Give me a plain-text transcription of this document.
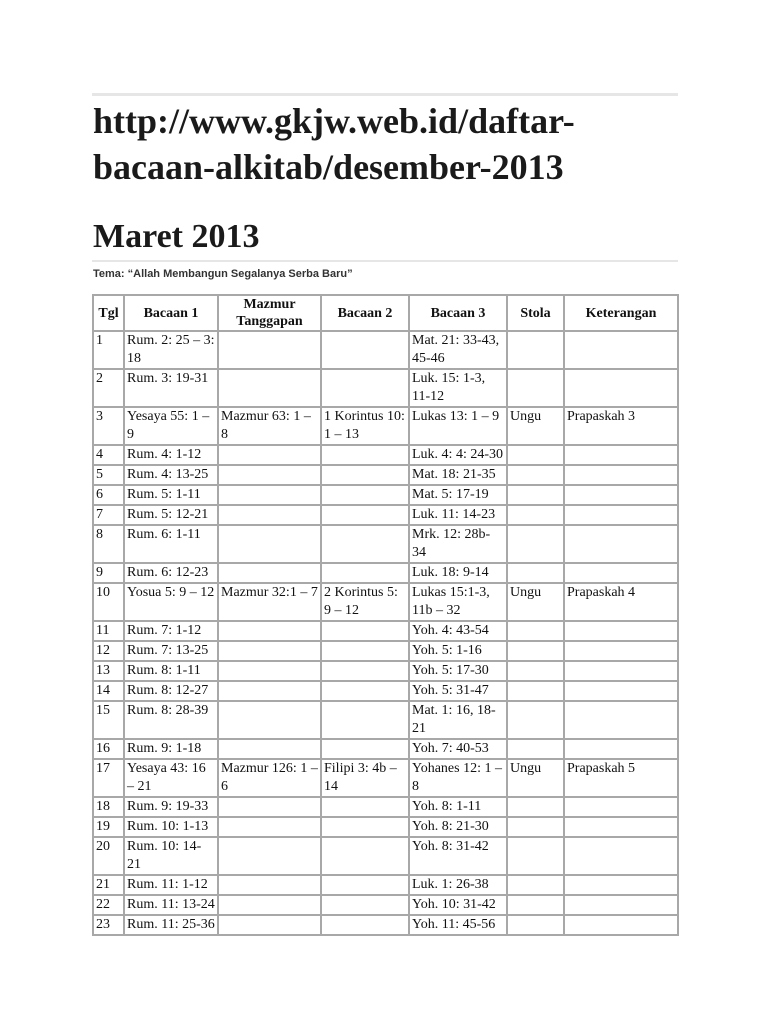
http://www.gkjw.web.id/daftar-bacaan-alkitab/desember-2013
Maret 2013
Tema: “Allah Membangun Segalanya Serba Baru”
Tgl	Bacaan 1	Mazmur Tanggapan	Bacaan 2	Bacaan 3	Stola	Keterangan
1	Rum. 2: 25 – 3: 18			Mat. 21: 33-43, 45-46		
2	Rum. 3: 19-31			Luk. 15: 1-3, 11-12		
3	Yesaya 55: 1 – 9	Mazmur 63: 1 – 8	1 Korintus 10: 1 – 13	Lukas 13: 1 – 9	Ungu	Prapaskah 3
4	Rum. 4: 1-12			Luk. 4: 4: 24-30		
5	Rum. 4: 13-25			Mat. 18: 21-35		
6	Rum. 5: 1-11			Mat. 5: 17-19		
7	Rum. 5: 12-21			Luk. 11: 14-23		
8	Rum. 6: 1-11			Mrk. 12: 28b-34		
9	Rum. 6: 12-23			Luk. 18: 9-14		
10	Yosua 5: 9 – 12	Mazmur 32:1 – 7	2 Korintus 5: 9 – 12	Lukas 15:1-3, 11b – 32	Ungu	Prapaskah 4
11	Rum. 7: 1-12			Yoh. 4: 43-54		
12	Rum. 7: 13-25			Yoh. 5: 1-16		
13	Rum. 8: 1-11			Yoh. 5: 17-30		
14	Rum. 8: 12-27			Yoh. 5: 31-47		
15	Rum. 8: 28-39			Mat. 1: 16, 18-21		
16	Rum. 9: 1-18			Yoh. 7: 40-53		
17	Yesaya 43: 16 – 21	Mazmur 126: 1 – 6	Filipi 3: 4b – 14	Yohanes 12: 1 – 8	Ungu	Prapaskah 5
18	Rum. 9: 19-33			Yoh. 8: 1-11		
19	Rum. 10: 1-13			Yoh. 8: 21-30		
20	Rum. 10: 14-21			Yoh. 8: 31-42		
21	Rum. 11: 1-12			Luk. 1: 26-38		
22	Rum. 11: 13-24			Yoh. 10: 31-42		
23	Rum. 11: 25-36			Yoh. 11: 45-56		
